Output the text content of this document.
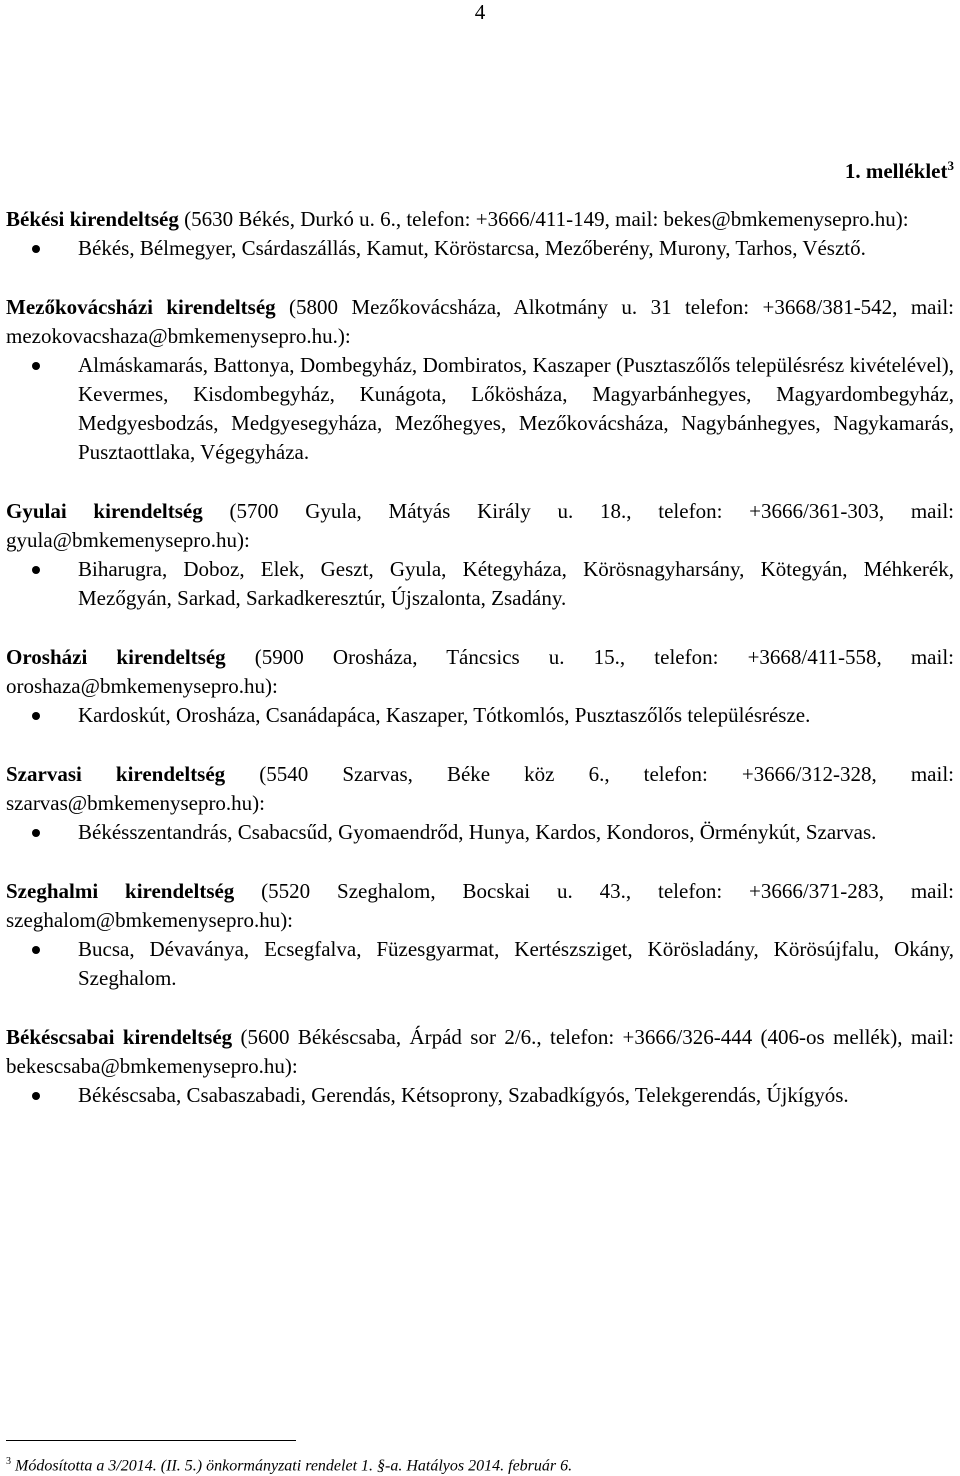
4
1. melléklet$^3$

Békési kirendeltség (5630 Békés, Durkó u. 6., telefon: +3666/411-149, mail: bekes@bmkemenysepro.hu):

Békés, Bélmegyer, Csárdaszállás, Kamut, Köröstarcsa, Mezőberény, Murony, Tarhos, Vésztő.

Mezőkovácsházi kirendeltség (5800 Mezőkovácsháza, Alkotmány u. 31 telefon: +3668/381-542, mail: mezokovacshaza@bmkemenysepro.hu.):

Almáskamarás, Battonya, Dombegyház, Dombiratos, Kaszaper (Pusztaszőlős településrész kivételével), Kevermes, Kisdombegyház, Kunágota, Lőkösháza, Magyarbánhegyes, Magyardombegyház, Medgyesbodzás, Medgyesegyháza, Mezőhegyes, Mezőkovácsháza, Nagybánhegyes, Nagykamarás, Pusztaottlaka, Végegyháza.

Gyulai kirendeltség (5700 Gyula, Mátyás Király u. 18., telefon: +3666/361-303, mail: gyula@bmkemenysepro.hu):

Biharugra, Doboz, Elek, Geszt, Gyula, Kétegyháza, Körösnagyharsány, Kötegyán, Méhkerék, Mezőgyán, Sarkad, Sarkadkeresztúr, Újszalonta, Zsadány.

Orosházi kirendeltség (5900 Orosháza, Táncsics u. 15., telefon: +3668/411-558, mail: oroshaza@bmkemenysepro.hu):

Kardoskút, Orosháza, Csanádapáca, Kaszaper, Tótkomlós, Pusztaszőlős településrésze.

Szarvasi kirendeltség (5540 Szarvas, Béke köz 6., telefon: +3666/312-328, mail: szarvas@bmkemenysepro.hu):

Békésszentandrás, Csabacsűd, Gyomaendrőd, Hunya, Kardos, Kondoros, Örménykút, Szarvas.

Szeghalmi kirendeltség (5520 Szeghalom, Bocskai u. 43., telefon: +3666/371-283, mail: szeghalom@bmkemenysepro.hu):

Bucsa, Dévaványa, Ecsegfalva, Füzesgyarmat, Kertészsziget, Körösladány, Körösújfalu, Okány, Szeghalom.

Békéscsabai kirendeltség (5600 Békéscsaba, Árpád sor 2/6., telefon: +3666/326-444 (406-os mellék), mail: bekescsaba@bmkemenysepro.hu):

Békéscsaba, Csabaszabadi, Gerendás, Kétsoprony, Szabadkígyós, Telekgerendás, Újkígyós.
$^3$ Módosította a 3/2014. (II. 5.) önkormányzati rendelet 1. §-a. Hatályos 2014. február 6.
